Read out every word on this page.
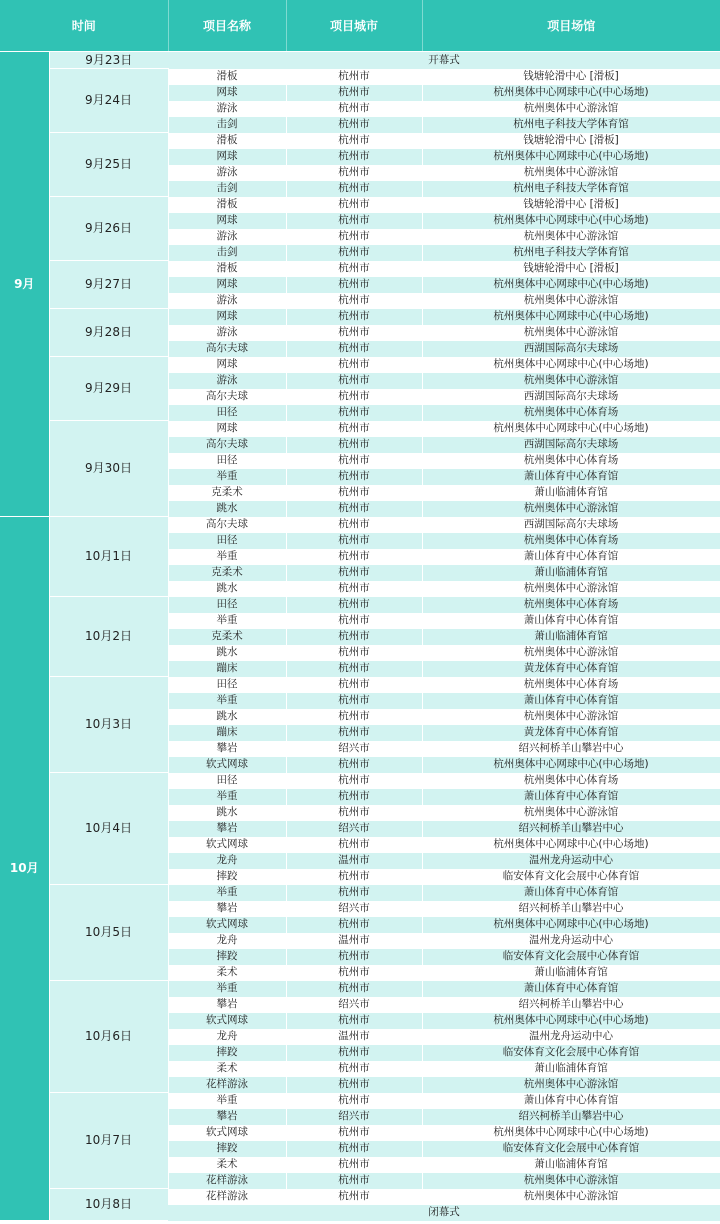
时间		项目名称	项目城市	项目场馆
9月	9月23日	开幕式		
	9月24日	滑板	杭州市	钱塘轮滑中心 [滑板]
		网球	杭州市	杭州奥体中心网球中心(中心场地)
		游泳	杭州市	杭州奥体中心游泳馆
		击剑	杭州市	杭州电子科技大学体育馆
	9月25日	滑板	杭州市	钱塘轮滑中心 [滑板]
		网球	杭州市	杭州奥体中心网球中心(中心场地)
		游泳	杭州市	杭州奥体中心游泳馆
		击剑	杭州市	杭州电子科技大学体育馆
	9月26日	滑板	杭州市	钱塘轮滑中心 [滑板]
		网球	杭州市	杭州奥体中心网球中心(中心场地)
		游泳	杭州市	杭州奥体中心游泳馆
		击剑	杭州市	杭州电子科技大学体育馆
	9月27日	滑板	杭州市	钱塘轮滑中心 [滑板]
		网球	杭州市	杭州奥体中心网球中心(中心场地)
		游泳	杭州市	杭州奥体中心游泳馆
	9月28日	网球	杭州市	杭州奥体中心网球中心(中心场地)
		游泳	杭州市	杭州奥体中心游泳馆
		高尔夫球	杭州市	西湖国际高尔夫球场
	9月29日	网球	杭州市	杭州奥体中心网球中心(中心场地)
		游泳	杭州市	杭州奥体中心游泳馆
		高尔夫球	杭州市	西湖国际高尔夫球场
		田径	杭州市	杭州奥体中心体育场
	9月30日	网球	杭州市	杭州奥体中心网球中心(中心场地)
		高尔夫球	杭州市	西湖国际高尔夫球场
		田径	杭州市	杭州奥体中心体育场
		举重	杭州市	萧山体育中心体育馆
		克柔术	杭州市	萧山临浦体育馆
		跳水	杭州市	杭州奥体中心游泳馆
10月	10月1日	高尔夫球	杭州市	西湖国际高尔夫球场
		田径	杭州市	杭州奥体中心体育场
		举重	杭州市	萧山体育中心体育馆
		克柔术	杭州市	萧山临浦体育馆
		跳水	杭州市	杭州奥体中心游泳馆
	10月2日	田径	杭州市	杭州奥体中心体育场
		举重	杭州市	萧山体育中心体育馆
		克柔术	杭州市	萧山临浦体育馆
		跳水	杭州市	杭州奥体中心游泳馆
		蹦床	杭州市	黄龙体育中心体育馆
	10月3日	田径	杭州市	杭州奥体中心体育场
		举重	杭州市	萧山体育中心体育馆
		跳水	杭州市	杭州奥体中心游泳馆
		蹦床	杭州市	黄龙体育中心体育馆
		攀岩	绍兴市	绍兴柯桥羊山攀岩中心
		软式网球	杭州市	杭州奥体中心网球中心(中心场地)
	10月4日	田径	杭州市	杭州奥体中心体育场
		举重	杭州市	萧山体育中心体育馆
		跳水	杭州市	杭州奥体中心游泳馆
		攀岩	绍兴市	绍兴柯桥羊山攀岩中心
		软式网球	杭州市	杭州奥体中心网球中心(中心场地)
		龙舟	温州市	温州龙舟运动中心
		摔跤	杭州市	临安体育文化会展中心体育馆
	10月5日	举重	杭州市	萧山体育中心体育馆
		攀岩	绍兴市	绍兴柯桥羊山攀岩中心
		软式网球	杭州市	杭州奥体中心网球中心(中心场地)
		龙舟	温州市	温州龙舟运动中心
		摔跤	杭州市	临安体育文化会展中心体育馆
		柔术	杭州市	萧山临浦体育馆
	10月6日	举重	杭州市	萧山体育中心体育馆
		攀岩	绍兴市	绍兴柯桥羊山攀岩中心
		软式网球	杭州市	杭州奥体中心网球中心(中心场地)
		龙舟	温州市	温州龙舟运动中心
		摔跤	杭州市	临安体育文化会展中心体育馆
		柔术	杭州市	萧山临浦体育馆
		花样游泳	杭州市	杭州奥体中心游泳馆
	10月7日	举重	杭州市	萧山体育中心体育馆
		攀岩	绍兴市	绍兴柯桥羊山攀岩中心
		软式网球	杭州市	杭州奥体中心网球中心(中心场地)
		摔跤	杭州市	临安体育文化会展中心体育馆
		柔术	杭州市	萧山临浦体育馆
		花样游泳	杭州市	杭州奥体中心游泳馆
	10月8日	花样游泳	杭州市	杭州奥体中心游泳馆
		闭幕式		
